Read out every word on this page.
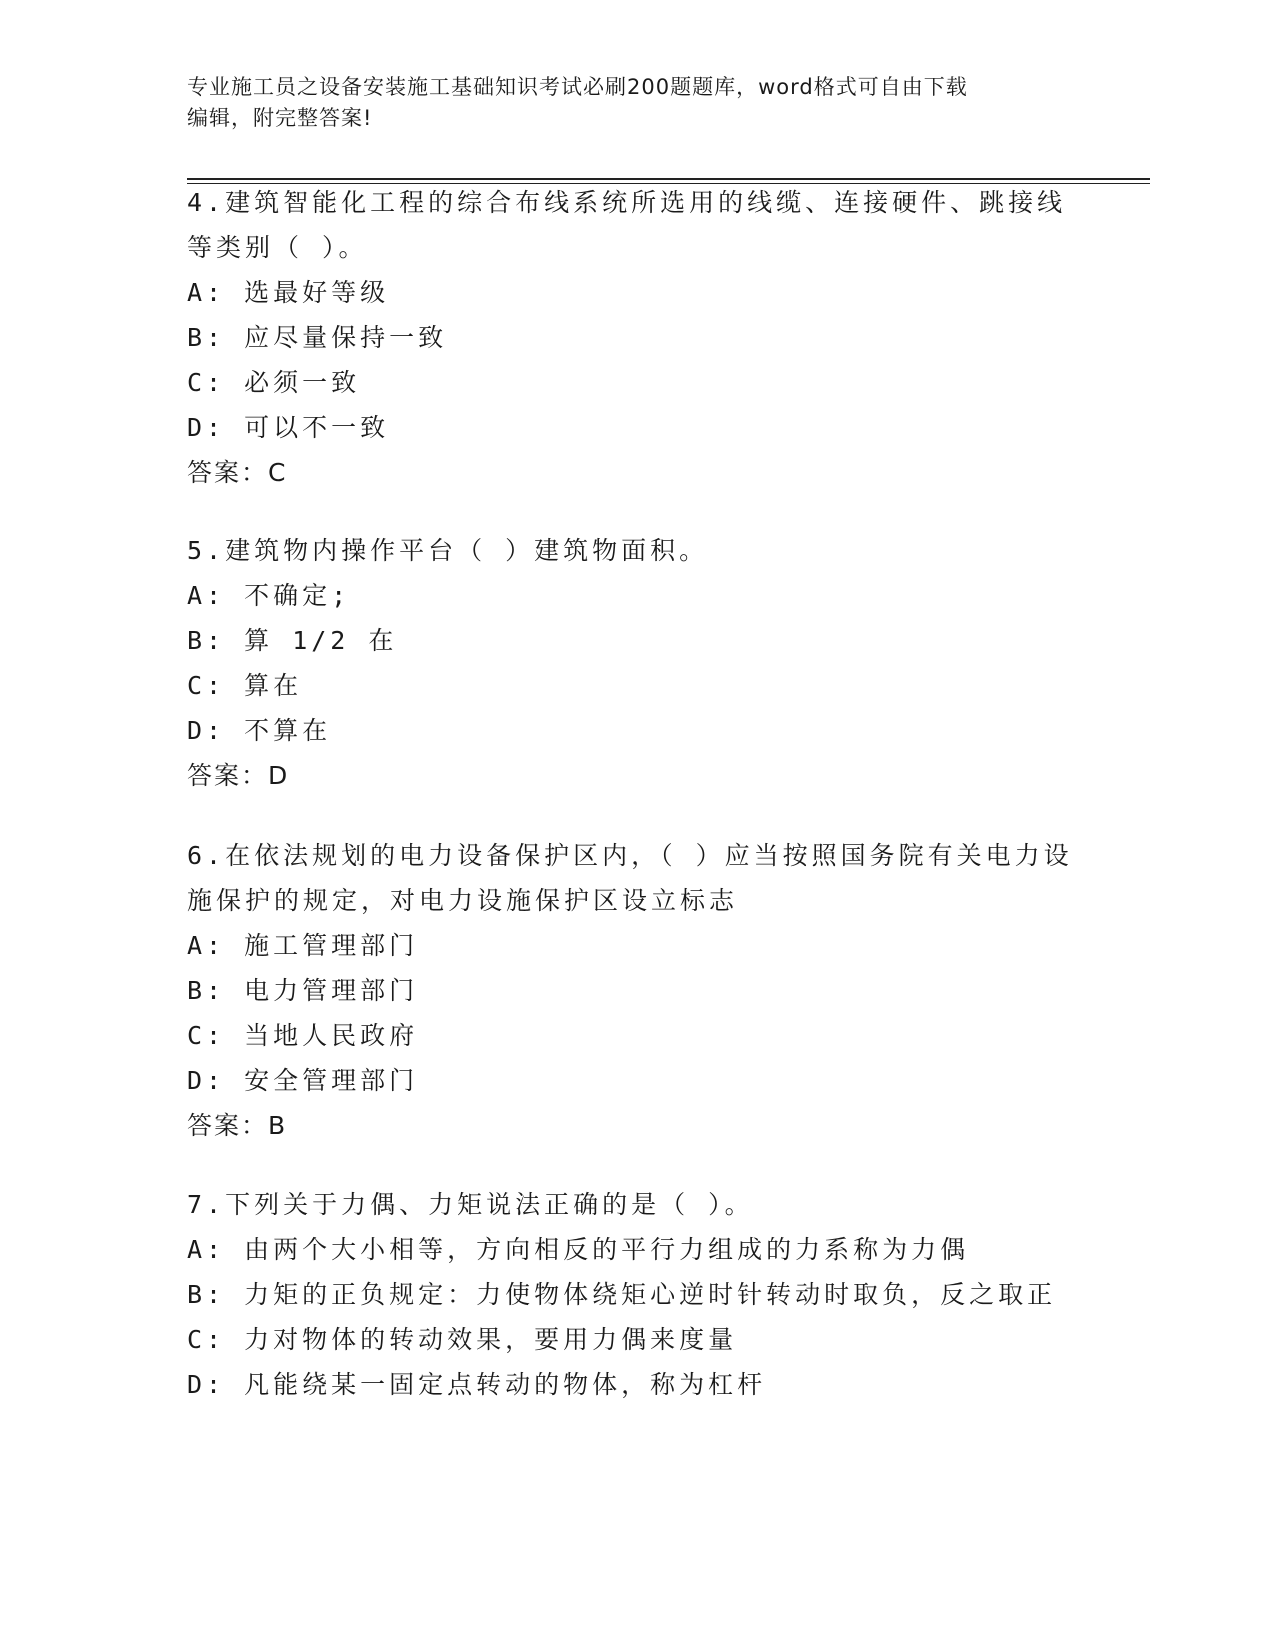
专业施工员之设备安装施工基础知识考试必刷200题题库，word格式可自由下载
编辑，附完整答案!
4.建筑智能化工程的综合布线系统所选用的线缆、连接硬件、跳接线
等类别（ ）。
A: 选最好等级
B: 应尽量保持一致
C: 必须一致
D: 可以不一致
答案：C
5.建筑物内操作平台（ ）建筑物面积。
A: 不确定;
B: 算 1/2 在
C: 算在
D: 不算在
答案：D
6.在依法规划的电力设备保护区内，（ ）应当按照国务院有关电力设
施保护的规定，对电力设施保护区设立标志
A: 施工管理部门
B: 电力管理部门
C: 当地人民政府
D: 安全管理部门
答案：B
7.下列关于力偶、力矩说法正确的是（ ）。
A: 由两个大小相等，方向相反的平行力组成的力系称为力偶
B: 力矩的正负规定：力使物体绕矩心逆时针转动时取负，反之取正
C: 力对物体的转动效果，要用力偶来度量
D: 凡能绕某一固定点转动的物体，称为杠杆
